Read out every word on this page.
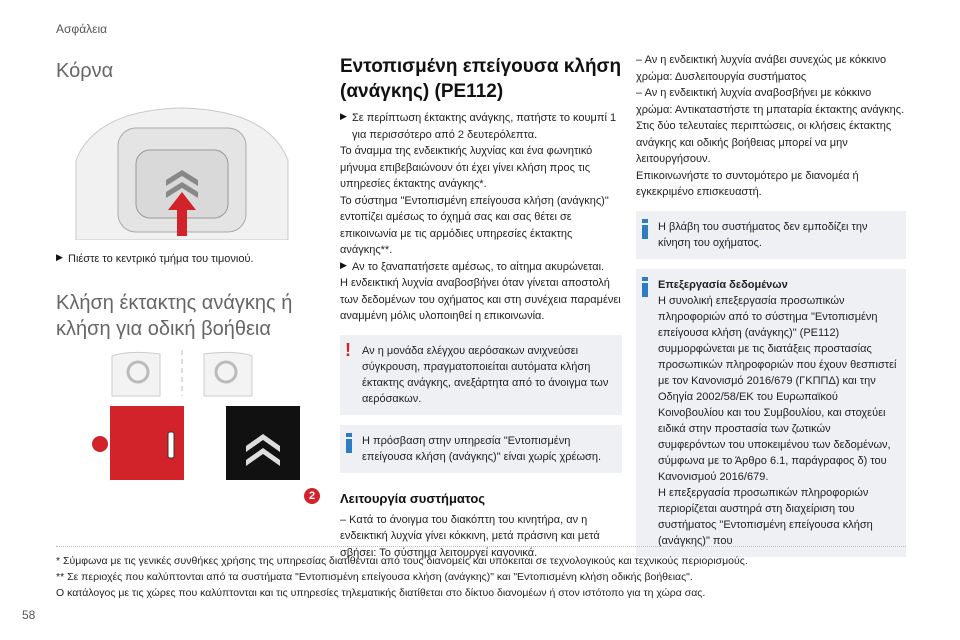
Ασφάλεια
Κόρνα
▶ Πιέστε το κεντρικό τμήμα του τιμονιού.

Κλήση έκτακτης ανάγκης ή κλήση για οδική βοήθεια
SOS
1	2
Εντοπισμένη επείγουσα κλήση (ανάγκης) (PE112)
▶ Σε περίπτωση έκτακτης ανάγκης, πατήστε το κουμπί 1 για περισσότερο από 2 δευτερόλεπτα.

Το άναμμα της ενδεικτικής λυχνίας και ένα φωνητικό μήνυμα επιβεβαιώνουν ότι έχει γίνει κλήση προς τις υπηρεσίες έκτακτης ανάγκης*.

Το σύστημα "Εντοπισμένη επείγουσα κλήση (ανάγκης)" εντοπίζει αμέσως το όχημά σας και σας θέτει σε επικοινωνία με τις αρμόδιες υπηρεσίες έκτακτης ανάγκης**.

▶ Αν το ξαναπατήσετε αμέσως, το αίτημα ακυρώνεται.

Η ενδεικτική λυχνία αναβοσβήνει όταν γίνεται αποστολή των δεδομένων του οχήματος και στη συνέχεια παραμένει αναμμένη μόλις υλοποιηθεί η επικοινωνία.

! Αν η μονάδα ελέγχου αερόσακων ανιχνεύσει σύγκρουση, πραγματοποιείται αυτόματα κλήση έκτακτης ανάγκης, ανεξάρτητα από το άνοιγμα των αερόσακων.

Η πρόσβαση στην υπηρεσία "Εντοπισμένη επείγουσα κλήση (ανάγκης)" είναι χωρίς χρέωση.

Λειτουργία συστήματος

– Κατά το άνοιγμα του διακόπτη του κινητήρα, αν η ενδεικτική λυχνία γίνει κόκκινη, μετά πράσινη και μετά σβήσει: Το σύστημα λειτουργεί κανονικά.

– Αν η ενδεικτική λυχνία ανάβει συνεχώς με κόκκινο χρώμα: Δυσλειτουργία συστήματος

– Αν η ενδεικτική λυχνία αναβοσβήνει με κόκκινο χρώμα: Αντικαταστήστε τη μπαταρία έκτακτης ανάγκης.

Στις δύο τελευταίες περιπτώσεις, οι κλήσεις έκτακτης ανάγκης και οδικής βοήθειας μπορεί να μην λειτουργήσουν.

Επικοινωνήστε το συντομότερο με διανομέα ή εγκεκριμένο επισκευαστή.

Η βλάβη του συστήματος δεν εμποδίζει την κίνηση του οχήματος.

Επεξεργασία δεδομένων

Η συνολική επεξεργασία προσωπικών πληροφοριών από το σύστημα "Εντοπισμένη επείγουσα κλήση (ανάγκης)" (PE112) συμμορφώνεται με τις διατάξεις προστασίας προσωπικών πληροφοριών που έχουν θεσπιστεί με τον Κανονισμό 2016/679 (ΓΚΠΠΔ) και την Οδηγία 2002/58/ΕΚ του Ευρωπαϊκού Κοινοβουλίου και του Συμβουλίου, και στοχεύει ειδικά στην προστασία των ζωτικών συμφερόντων του υποκειμένου των δεδομένων, σύμφωνα με το Άρθρο 6.1, παράγραφος δ) του Κανονισμού 2016/679.

Η επεξεργασία προσωπικών πληροφοριών περιορίζεται αυστηρά στη διαχείριση του συστήματος "Εντοπισμένη επείγουσα κλήση (ανάγκης)" που

* Σύμφωνα με τις γενικές συνθήκες χρήσης της υπηρεσίας διατίθενται από τους διανομείς και υπόκειται σε τεχνολογικούς και τεχνικούς περιορισμούς.

** Σε περιοχές που καλύπτονται από τα συστήματα "Εντοπισμένη επείγουσα κλήση (ανάγκης)" και "Εντοπισμένη κλήση οδικής βοήθειας".

Ο κατάλογος με τις χώρες που καλύπτονται και τις υπηρεσίες τηλεματικής διατίθεται στο δίκτυο διανομέων ή στον ιστότοπο για τη χώρα σας.

58
